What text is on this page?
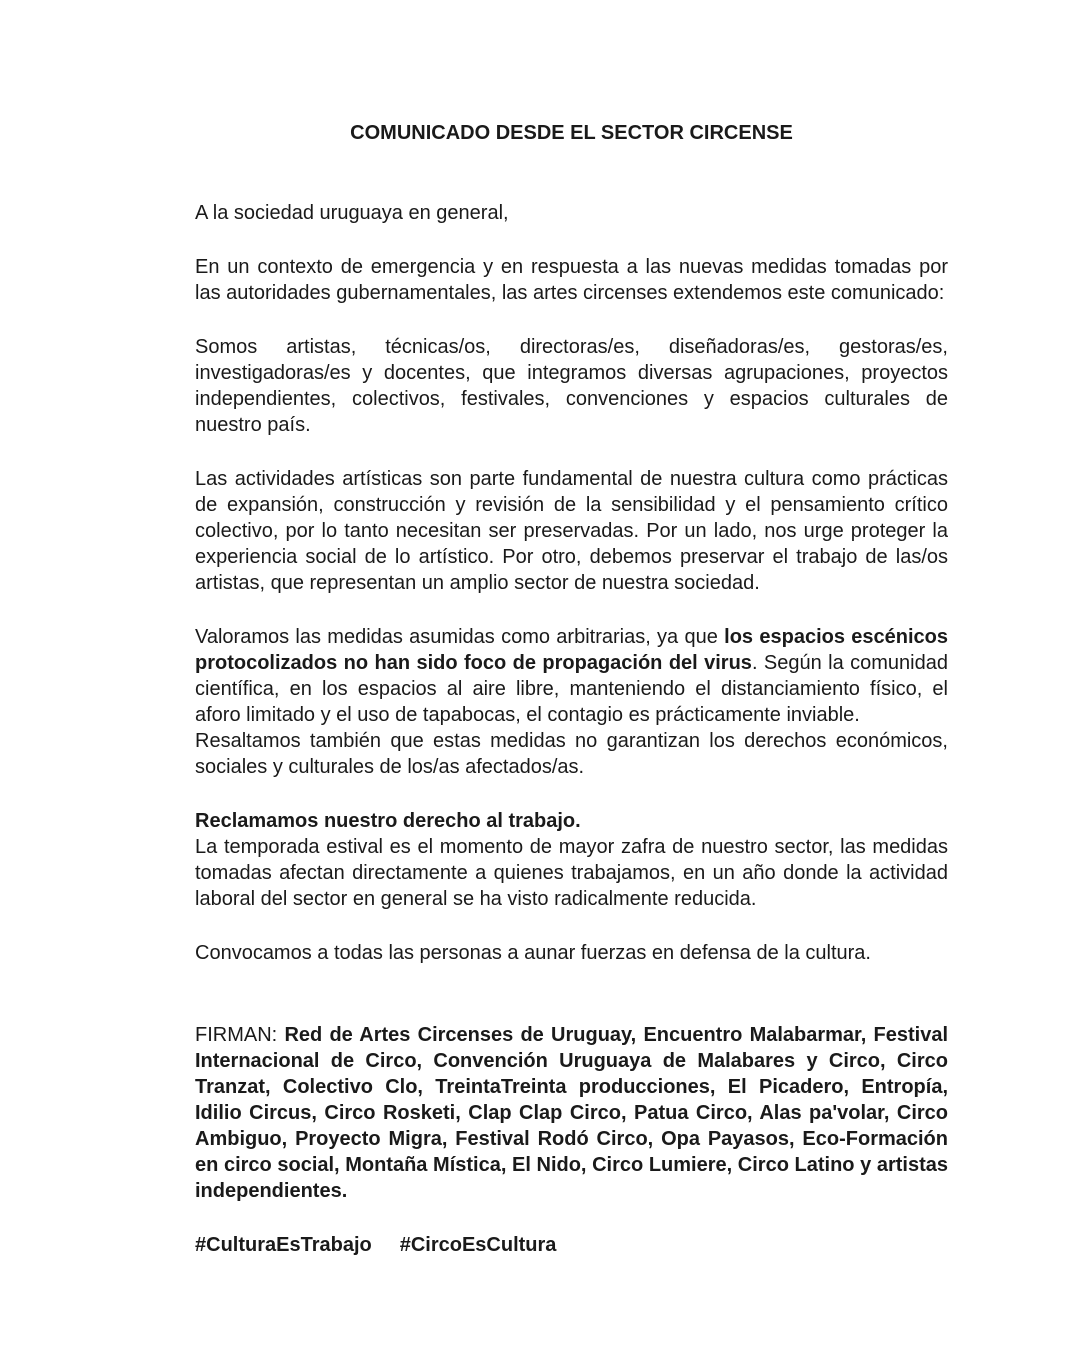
COMUNICADO DESDE EL SECTOR CIRCENSE
A la sociedad uruguaya en general,
En un contexto de emergencia y en respuesta a las nuevas medidas tomadas por las autoridades gubernamentales, las artes circenses extendemos este comunicado:
Somos artistas, técnicas/os, directoras/es, diseñadoras/es, gestoras/es, investigadoras/es y docentes, que integramos diversas agrupaciones, proyectos independientes, colectivos, festivales, convenciones y espacios culturales de nuestro país.
Las actividades artísticas son parte fundamental de nuestra cultura como prácticas de expansión, construcción y revisión de la sensibilidad y el pensamiento crítico colectivo, por lo tanto necesitan ser preservadas. Por un lado, nos urge proteger la experiencia social de lo artístico. Por otro, debemos preservar el trabajo de las/os artistas, que representan un amplio sector de nuestra sociedad.
Valoramos las medidas asumidas como arbitrarias, ya que los espacios escénicos protocolizados no han sido foco de propagación del virus. Según la comunidad científica, en los espacios al aire libre, manteniendo el distanciamiento físico, el aforo limitado y el uso de tapabocas, el contagio es prácticamente inviable.
Resaltamos también que estas medidas no garantizan los derechos económicos, sociales y culturales de los/as afectados/as.
Reclamamos nuestro derecho al trabajo.
La temporada estival es el momento de mayor zafra de nuestro sector, las medidas tomadas afectan directamente a quienes trabajamos, en un año donde la actividad laboral del sector en general se ha visto radicalmente reducida.
Convocamos a todas las personas a aunar fuerzas en defensa de la cultura.
FIRMAN: Red de Artes Circenses de Uruguay, Encuentro Malabarmar, Festival Internacional de Circo, Convención Uruguaya de Malabares y Circo, Circo Tranzat, Colectivo Clo, TreintaTreinta producciones, El Picadero, Entropía, Idilio Circus, Circo Rosketi, Clap Clap Circo, Patua Circo, Alas pa'volar, Circo Ambiguo, Proyecto Migra, Festival Rodó Circo, Opa Payasos, Eco-Formación en circo social, Montaña Mística, El Nido, Circo Lumiere, Circo Latino y artistas independientes.
#CulturaEsTrabajo #CircoEsCultura
